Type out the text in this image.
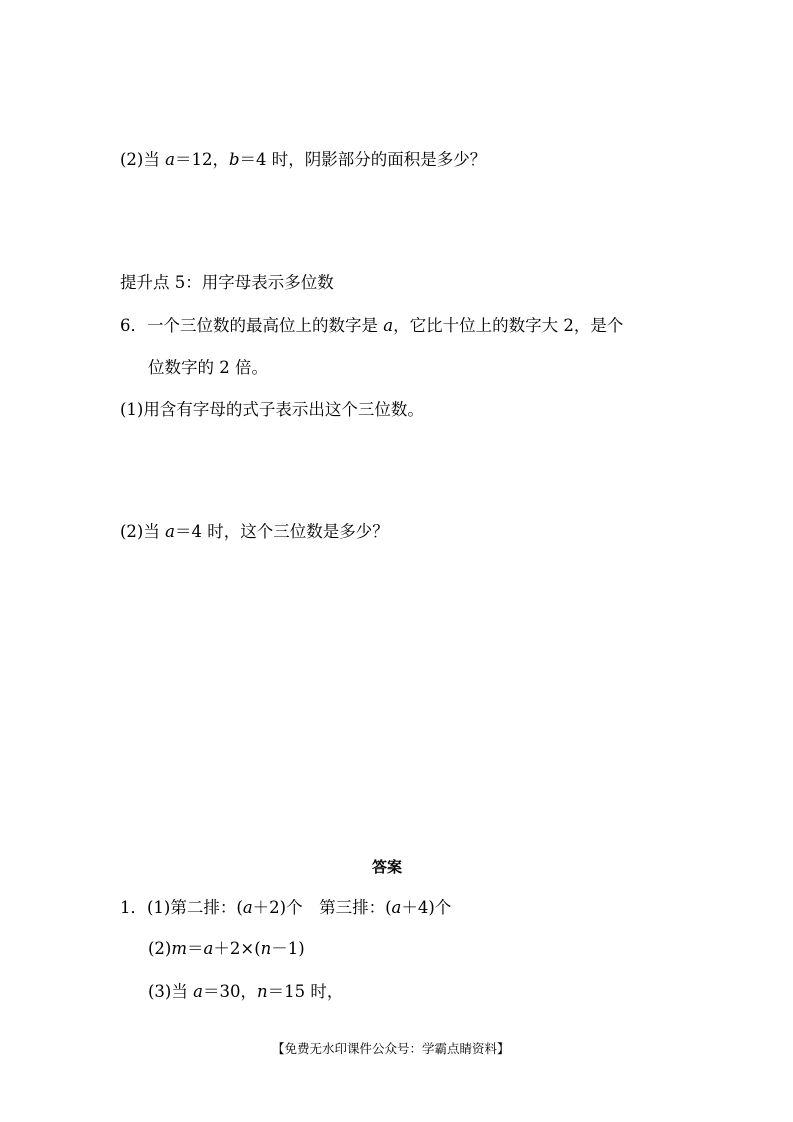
(2)当 a＝12，b＝4 时，阴影部分的面积是多少？
提升点 5：用字母表示多位数
6．一个三位数的最高位上的数字是 a，它比十位上的数字大 2，是个
位数字的 2 倍。
(1)用含有字母的式子表示出这个三位数。
(2)当 a＝4 时，这个三位数是多少？
答案
1．(1)第二排：(a＋2)个　第三排：(a＋4)个
(2)m＝a＋2×(n－1)
(3)当 a＝30，n＝15 时，
【免费无水印课件公众号：学霸点睛资料】
